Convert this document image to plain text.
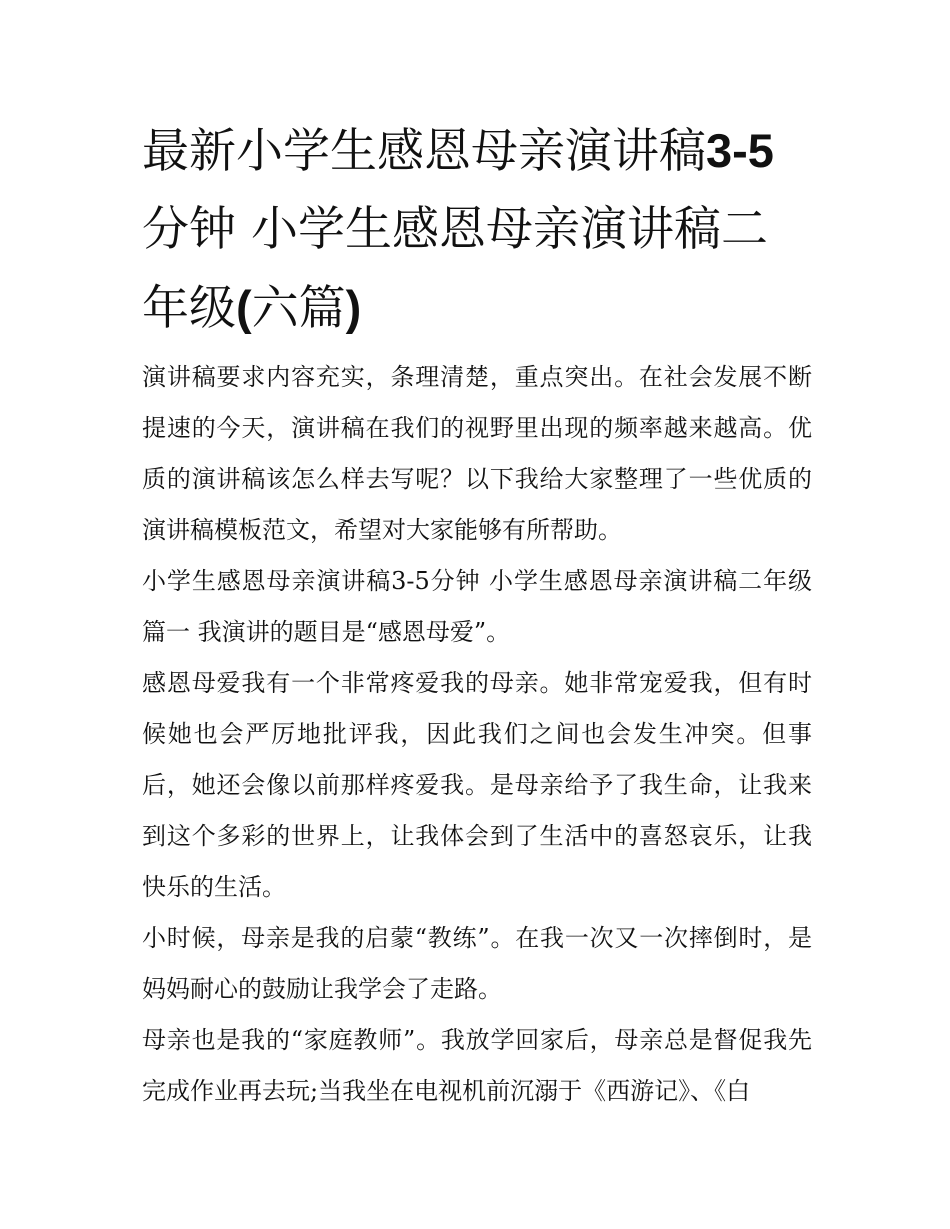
最新小学生感恩母亲演讲稿3-5 分钟 小学生感恩母亲演讲稿二年级(六篇)

演讲稿要求内容充实，条理清楚，重点突出。在社会发展不断提速的今天，演讲稿在我们的视野里出现的频率越来越高。优质的演讲稿该怎么样去写呢？以下我给大家整理了一些优质的演讲稿模板范文，希望对大家能够有所帮助。

小学生感恩母亲演讲稿3-5分钟 小学生感恩母亲演讲稿二年级篇一 我演讲的题目是“感恩母爱”。

感恩母爱我有一个非常疼爱我的母亲。她非常宠爱我，但有时候她也会严厉地批评我，因此我们之间也会发生冲突。但事后，她还会像以前那样疼爱我。是母亲给予了我生命，让我来到这个多彩的世界上，让我体会到了生活中的喜怒哀乐，让我快乐的生活。

小时候，母亲是我的启蒙“教练”。在我一次又一次摔倒时，是妈妈耐心的鼓励让我学会了走路。

母亲也是我的“家庭教师”。我放学回家后，母亲总是督促我先完成作业再去玩;当我坐在电视机前沉溺于《西游记》、《白
